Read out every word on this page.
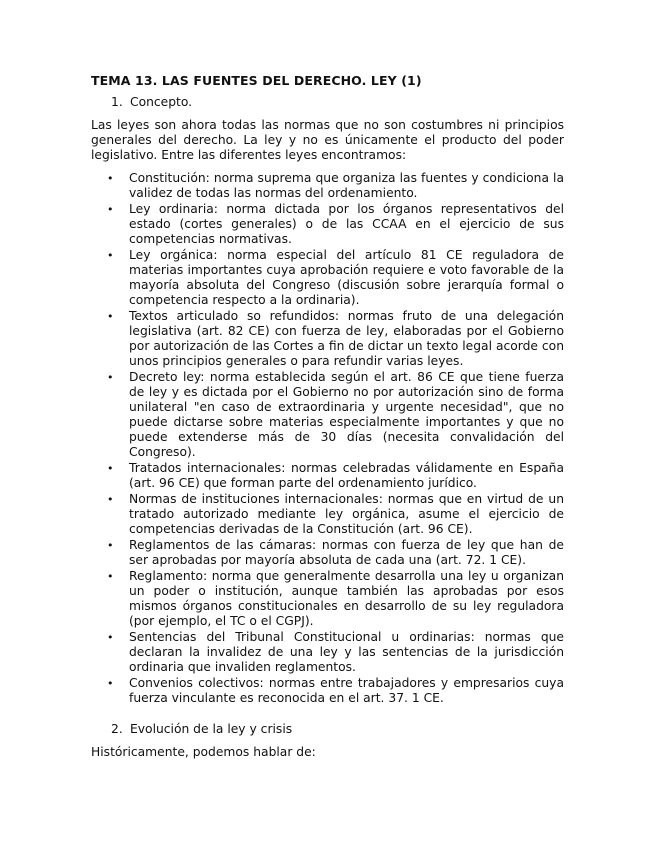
TEMA 13. LAS FUENTES DEL DERECHO. LEY (1)
1. Concepto.

Las leyes son ahora todas las normas que no son costumbres ni principios generales del derecho. La ley y no es únicamente el producto del poder legislativo. Entre las diferentes leyes encontramos:

• Constitución: norma suprema que organiza las fuentes y condiciona la validez de todas las normas del ordenamiento.
• Ley ordinaria: norma dictada por los órganos representativos del estado (cortes generales) o de las CCAA en el ejercicio de sus competencias normativas.
• Ley orgánica: norma especial del artículo 81 CE reguladora de materias importantes cuya aprobación requiere e voto favorable de la mayoría absoluta del Congreso (discusión sobre jerarquía formal o competencia respecto a la ordinaria).
• Textos articulado so refundidos: normas fruto de una delegación legislativa (art. 82 CE) con fuerza de ley, elaboradas por el Gobierno por autorización de las Cortes a fin de dictar un texto legal acorde con unos principios generales o para refundir varias leyes.
• Decreto ley: norma establecida según el art. 86 CE que tiene fuerza de ley y es dictada por el Gobierno no por autorización sino de forma unilateral "en caso de extraordinaria y urgente necesidad", que no puede dictarse sobre materias especialmente importantes y que no puede extenderse más de 30 días (necesita convalidación del Congreso).
• Tratados internacionales: normas celebradas válidamente en España (art. 96 CE) que forman parte del ordenamiento jurídico.
• Normas de instituciones internacionales: normas que en virtud de un tratado autorizado mediante ley orgánica, asume el ejercicio de competencias derivadas de la Constitución (art. 96 CE).
• Reglamentos de las cámaras: normas con fuerza de ley que han de ser aprobadas por mayoría absoluta de cada una (art. 72. 1 CE).
• Reglamento: norma que generalmente desarrolla una ley u organizan un poder o institución, aunque también las aprobadas por esos mismos órganos constitucionales en desarrollo de su ley reguladora (por ejemplo, el TC o el CGPJ).
• Sentencias del Tribunal Constitucional u ordinarias: normas que declaran la invalidez de una ley y las sentencias de la jurisdicción ordinaria que invaliden reglamentos.
• Convenios colectivos: normas entre trabajadores y empresarios cuya fuerza vinculante es reconocida en el art. 37. 1 CE.
2. Evolución de la ley y crisis

Históricamente, podemos hablar de:
